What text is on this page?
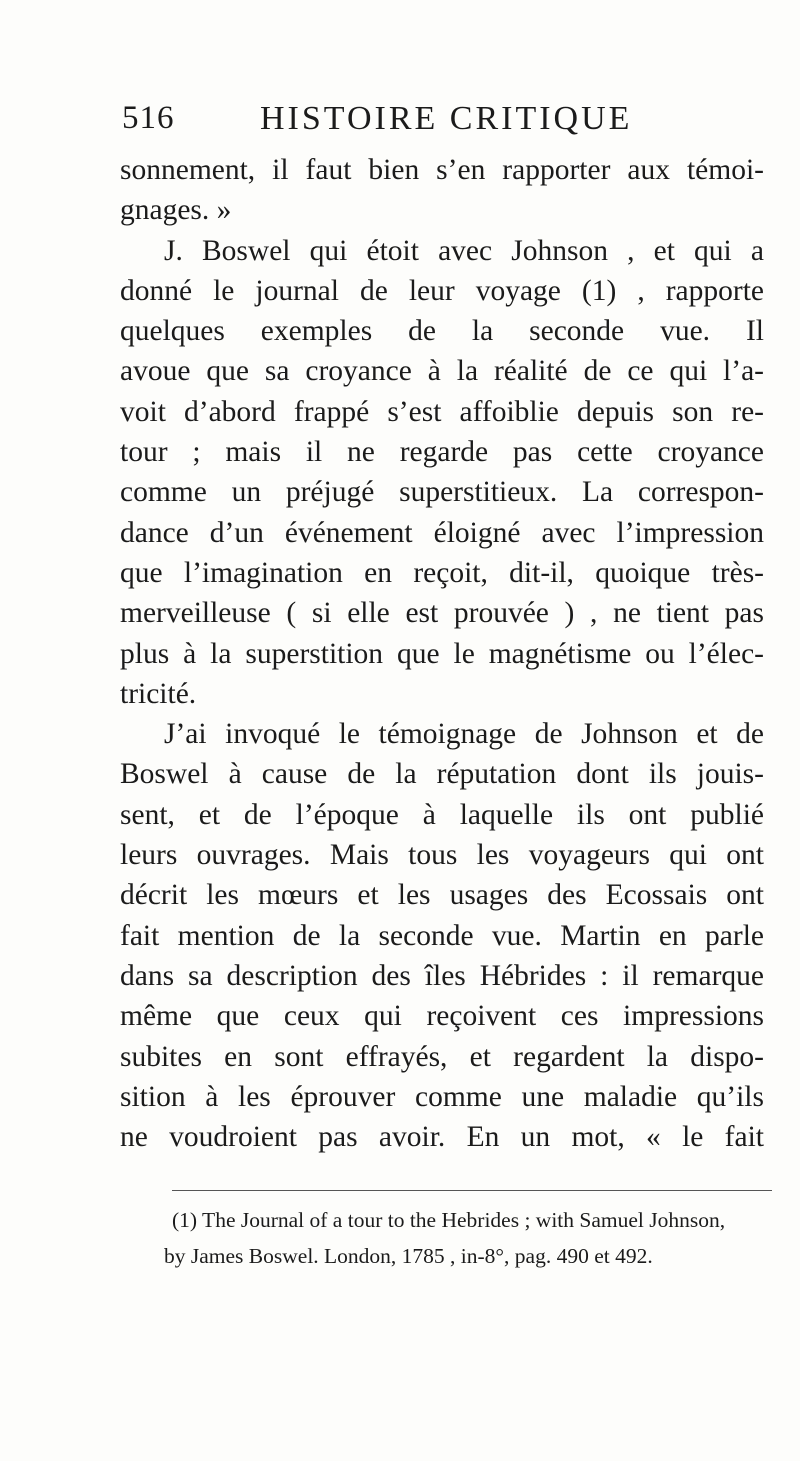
516	HISTOIRE CRITIQUE
sonnement, il faut bien s’en rapporter aux témoi-
gnages. »
J. Boswel qui étoit avec Johnson , et qui a
donné le journal de leur voyage (1) , rapporte
quelques exemples de la seconde vue. Il
avoue que sa croyance à la réalité de ce qui l’a-
voit d’abord frappé s’est affoiblie depuis son re-
tour ; mais il ne regarde pas cette croyance
comme un préjugé superstitieux. La correspon-
dance d’un événement éloigné avec l’impression
que l’imagination en reçoit, dit-il, quoique très-
merveilleuse ( si elle est prouvée ) , ne tient pas
plus à la superstition que le magnétisme ou l’élec-
tricité.
J’ai invoqué le témoignage de Johnson et de
Boswel à cause de la réputation dont ils jouis-
sent, et de l’époque à laquelle ils ont publié
leurs ouvrages. Mais tous les voyageurs qui ont
décrit les mœurs et les usages des Ecossais ont
fait mention de la seconde vue. Martin en parle
dans sa description des îles Hébrides : il remarque
même que ceux qui reçoivent ces impressions
subites en sont effrayés, et regardent la dispo-
sition à les éprouver comme une maladie qu’ils
ne voudroient pas avoir. En un mot, « le fait
(1) The Journal of a tour to the Hebrides ; with Samuel Johnson,
by James Boswel. London, 1785 , in-8°, pag. 490 et 492.
